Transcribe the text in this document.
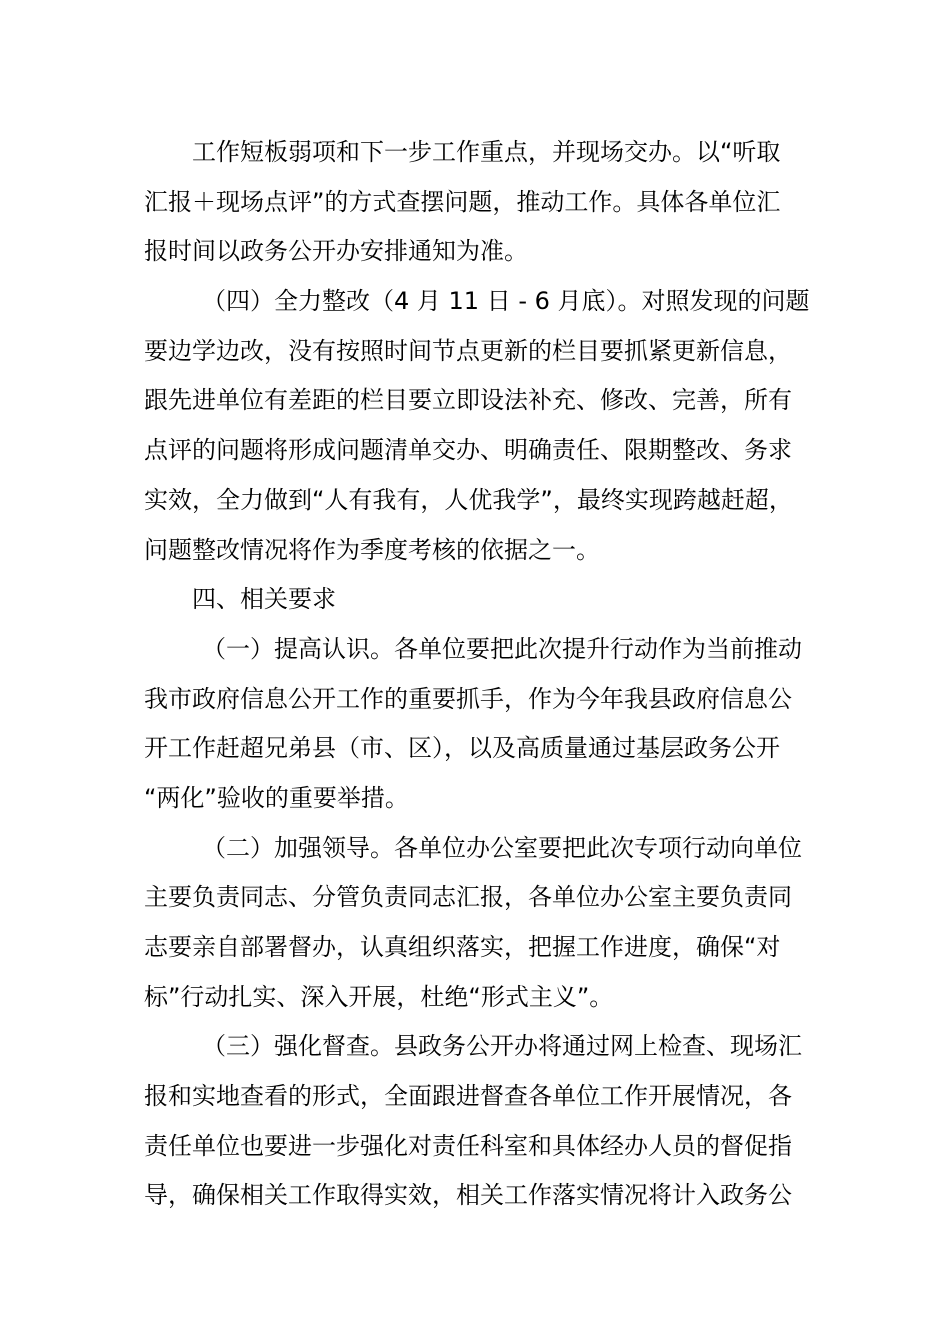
工作短板弱项和下一步工作重点，并现场交办。以“听取
汇报＋现场点评”的方式查摆问题，推动工作。具体各单位汇
报时间以政务公开办安排通知为准。
（四）全力整改（4 月 11 日 - 6 月底）。对照发现的问题
要边学边改，没有按照时间节点更新的栏目要抓紧更新信息，
跟先进单位有差距的栏目要立即设法补充、修改、完善，所有
点评的问题将形成问题清单交办、明确责任、限期整改、务求
实效，全力做到“人有我有，人优我学”，最终实现跨越赶超，
问题整改情况将作为季度考核的依据之一。
四、相关要求
（一）提高认识。各单位要把此次提升行动作为当前推动
我市政府信息公开工作的重要抓手，作为今年我县政府信息公
开工作赶超兄弟县（市、区），以及高质量通过基层政务公开
“两化”验收的重要举措。
（二）加强领导。各单位办公室要把此次专项行动向单位
主要负责同志、分管负责同志汇报，各单位办公室主要负责同
志要亲自部署督办，认真组织落实，把握工作进度，确保“对
标”行动扎实、深入开展，杜绝“形式主义”。
（三）强化督查。县政务公开办将通过网上检查、现场汇
报和实地查看的形式，全面跟进督查各单位工作开展情况，各
责任单位也要进一步强化对责任科室和具体经办人员的督促指
导，确保相关工作取得实效，相关工作落实情况将计入政务公
